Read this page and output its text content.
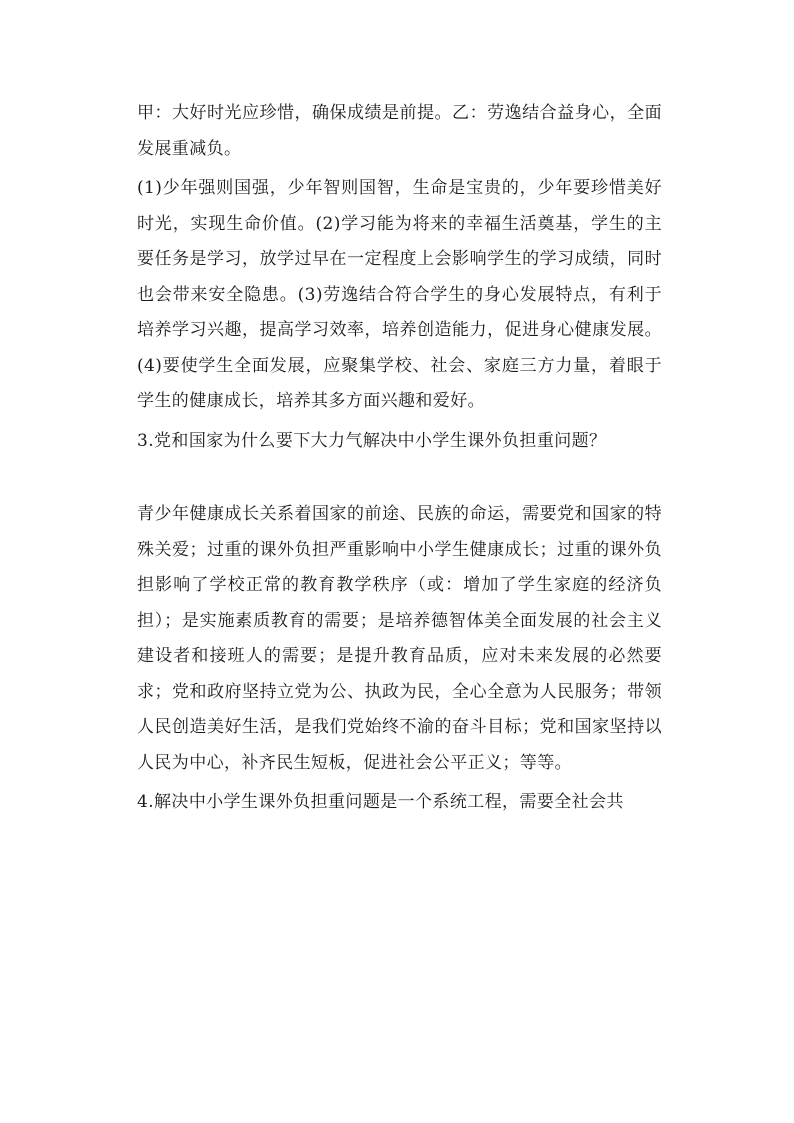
甲：大好时光应珍惜，确保成绩是前提。乙：劳逸结合益身心，全面发展重减负。

(1)少年强则国强，少年智则国智，生命是宝贵的，少年要珍惜美好时光，实现生命价值。(2)学习能为将来的幸福生活奠基，学生的主要任务是学习，放学过早在一定程度上会影响学生的学习成绩，同时也会带来安全隐患。(3)劳逸结合符合学生的身心发展特点，有利于培养学习兴趣，提高学习效率，培养创造能力，促进身心健康发展。(4)要使学生全面发展，应聚集学校、社会、家庭三方力量，着眼于学生的健康成长，培养其多方面兴趣和爱好。

3.党和国家为什么要下大力气解决中小学生课外负担重问题？

青少年健康成长关系着国家的前途、民族的命运，需要党和国家的特殊关爱；过重的课外负担严重影响中小学生健康成长；过重的课外负担影响了学校正常的教育教学秩序（或：增加了学生家庭的经济负担）；是实施素质教育的需要；是培养德智体美全面发展的社会主义建设者和接班人的需要；是提升教育品质，应对未来发展的必然要求；党和政府坚持立党为公、执政为民，全心全意为人民服务；带领人民创造美好生活，是我们党始终不渝的奋斗目标；党和国家坚持以人民为中心，补齐民生短板，促进社会公平正义；等等。

4.解决中小学生课外负担重问题是一个系统工程，需要全社会共
